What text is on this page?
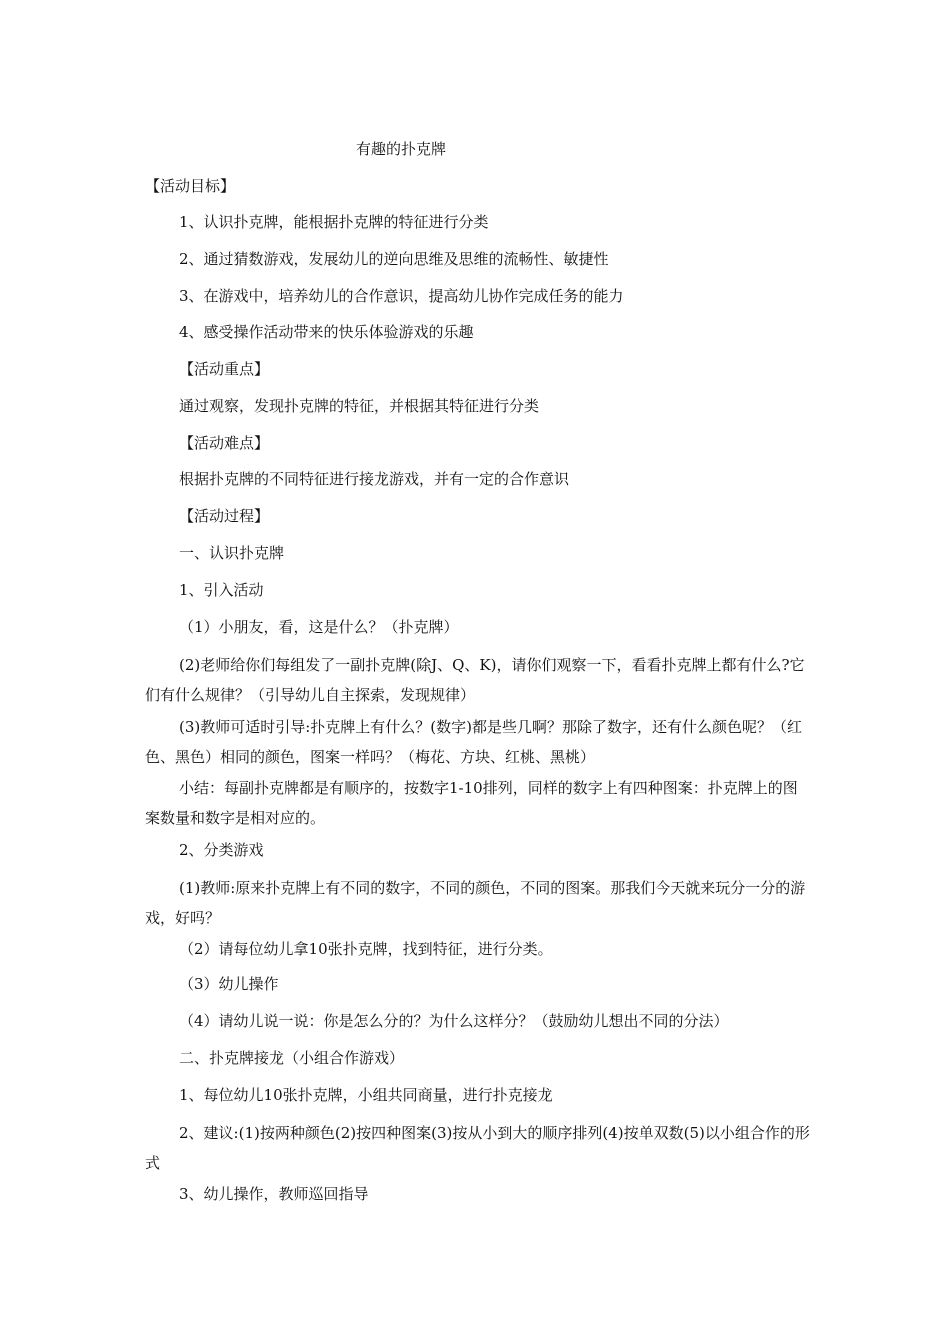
有趣的扑克牌
【活动目标】
1、认识扑克牌，能根据扑克牌的特征进行分类
2、通过猜数游戏，发展幼儿的逆向思维及思维的流畅性、敏捷性
3、在游戏中，培养幼儿的合作意识，提高幼儿协作完成任务的能力
4、感受操作活动带来的快乐体验游戏的乐趣
【活动重点】
通过观察，发现扑克牌的特征，并根据其特征进行分类
【活动难点】
根据扑克牌的不同特征进行接龙游戏，并有一定的合作意识
【活动过程】
一、认识扑克牌
1、引入活动
（1）小朋友，看，这是什么？（扑克牌）
(2)老师给你们每组发了一副扑克牌(除J、Q、K)，请你们观察一下，看看扑克牌上都有什么?它们有什么规律？（引导幼儿自主探索，发现规律）
(3)教师可适时引导:扑克牌上有什么？(数字)都是些几啊？那除了数字，还有什么颜色呢？（红色、黑色）相同的颜色，图案一样吗？（梅花、方块、红桃、黑桃）
小结：每副扑克牌都是有顺序的，按数字1-10排列，同样的数字上有四种图案：扑克牌上的图案数量和数字是相对应的。
2、分类游戏
(1)教师:原来扑克牌上有不同的数字，不同的颜色，不同的图案。那我们今天就来玩分一分的游戏，好吗？
（2）请每位幼儿拿10张扑克牌，找到特征，进行分类。
（3）幼儿操作
（4）请幼儿说一说：你是怎么分的？为什么这样分？（鼓励幼儿想出不同的分法）
二、扑克牌接龙（小组合作游戏）
1、每位幼儿10张扑克牌，小组共同商量，进行扑克接龙
2、建议:(1)按两种颜色(2)按四种图案(3)按从小到大的顺序排列(4)按单双数(5)以小组合作的形式
3、幼儿操作，教师巡回指导
